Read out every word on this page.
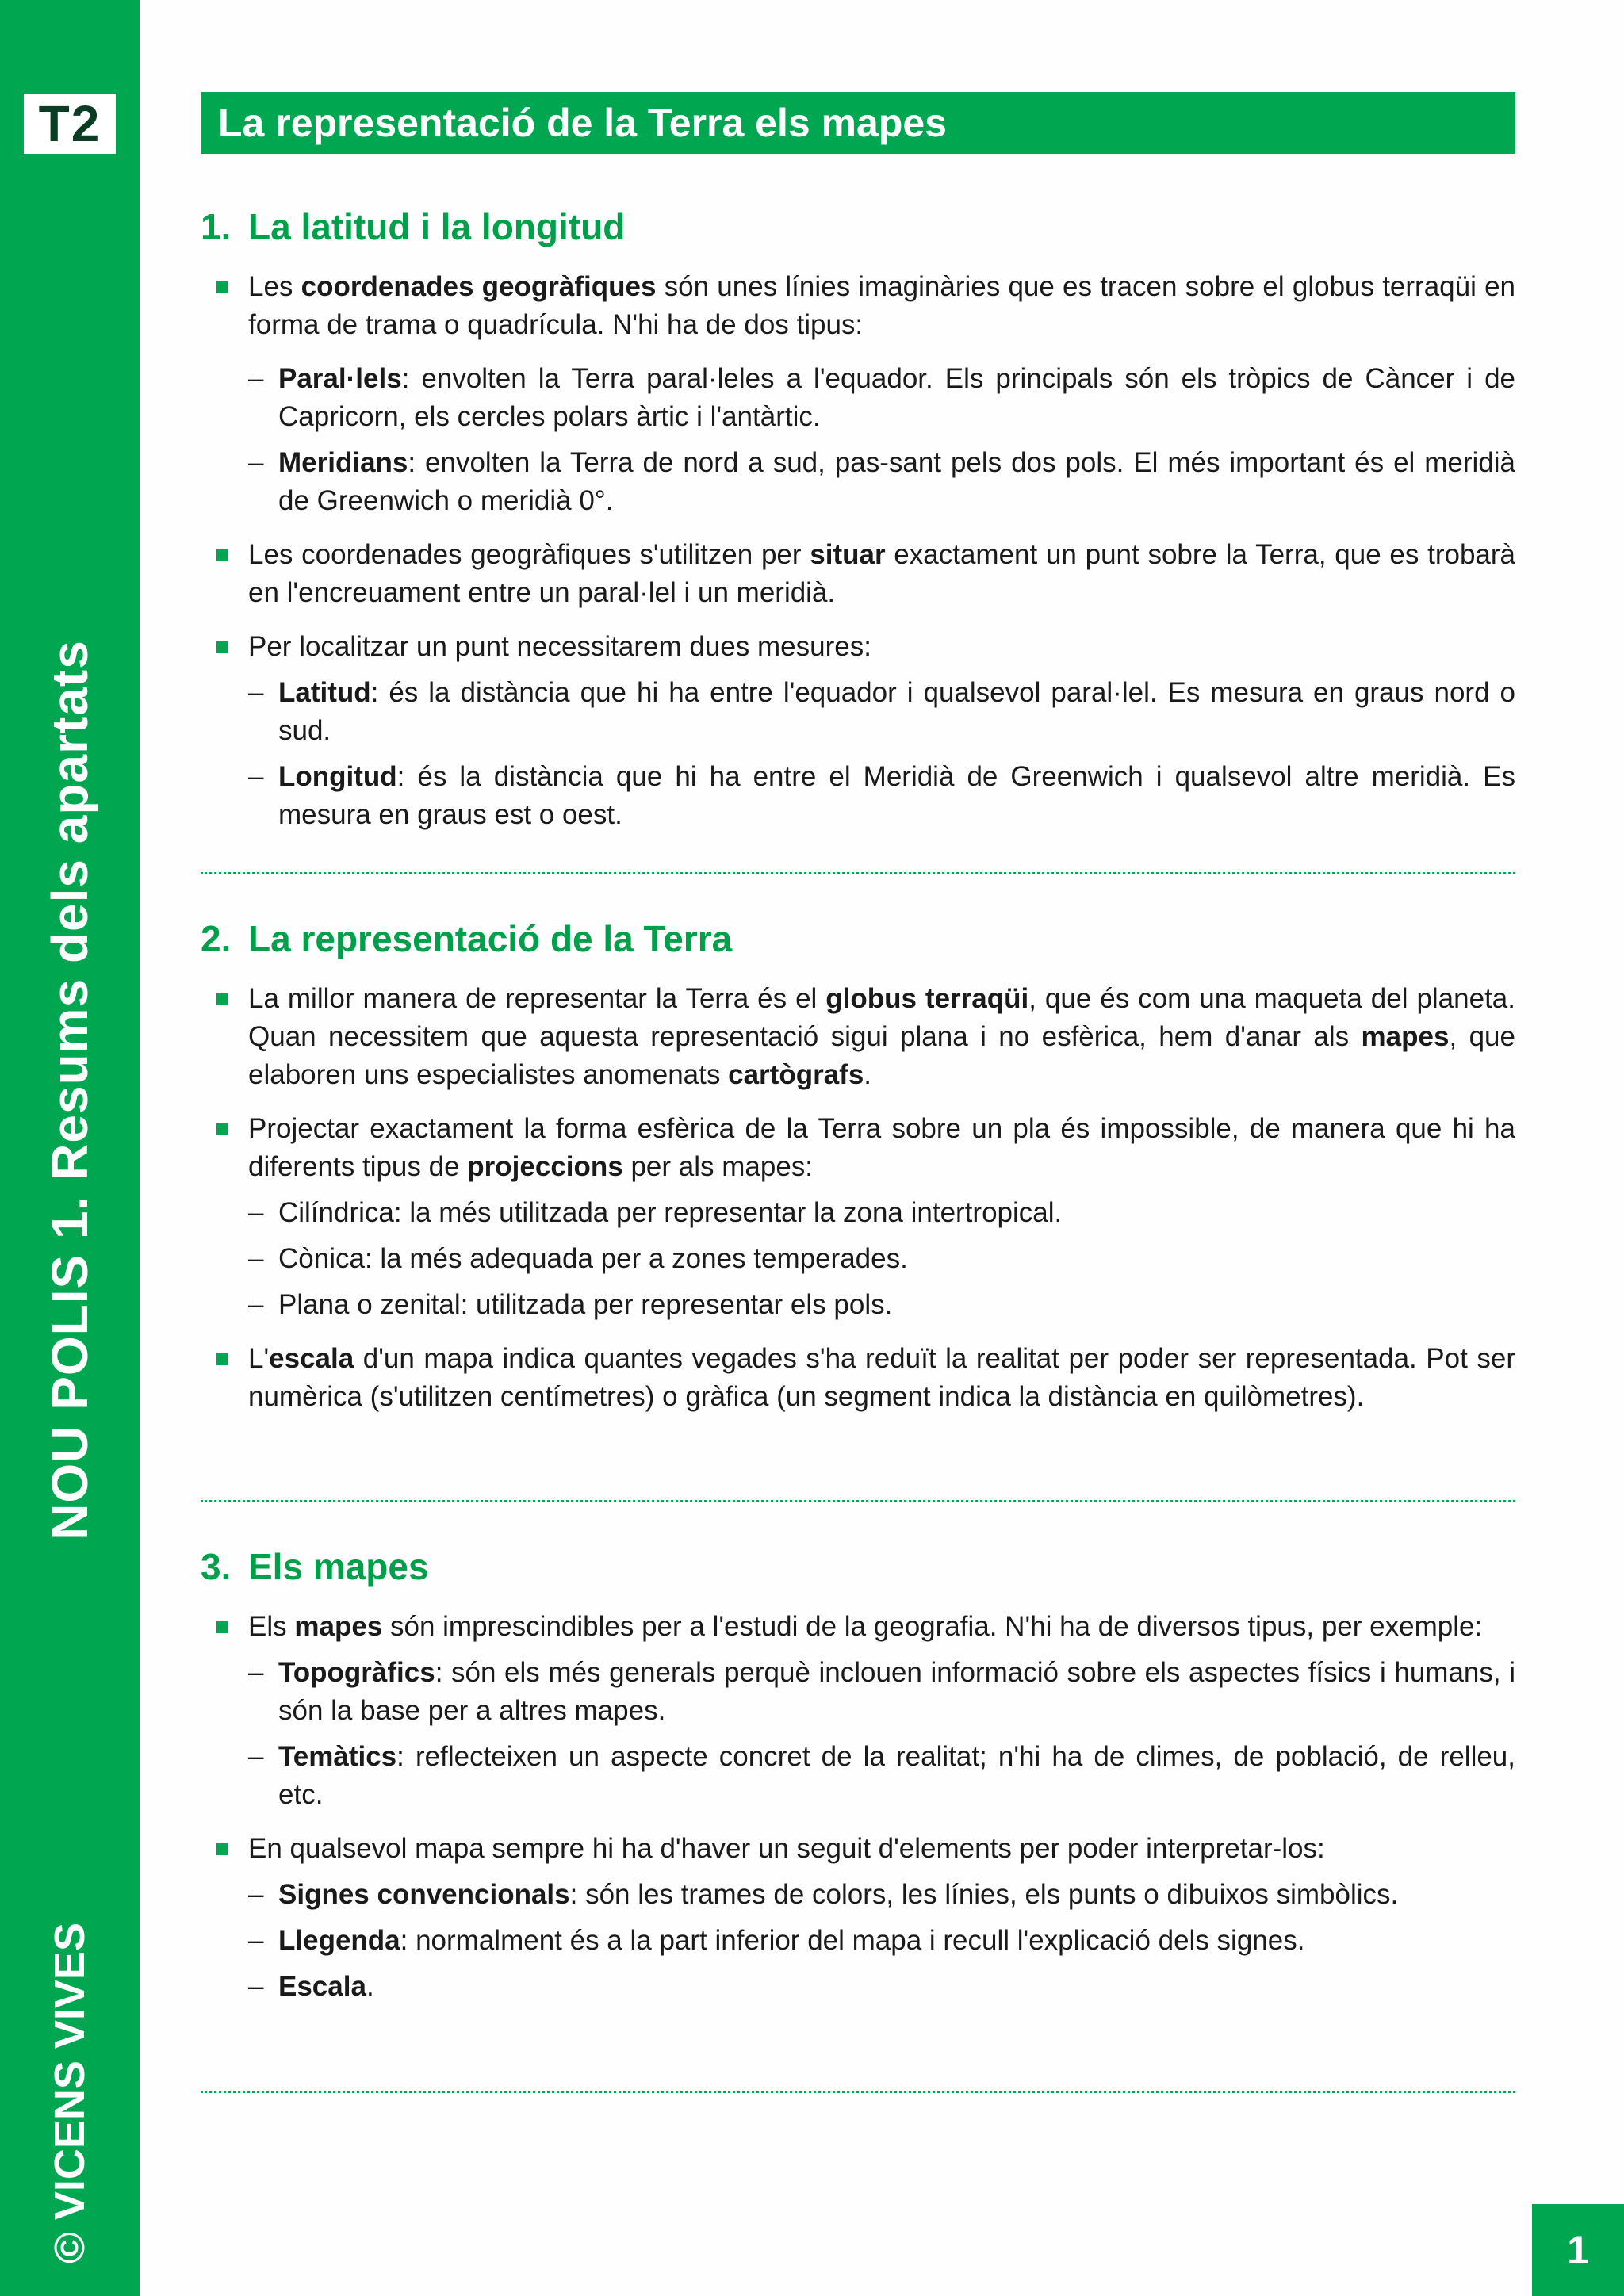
T2
NOU POLIS 1. Resums dels apartats
© VICENS VIVES
La representació de la Terra els mapes
1. La latitud i la longitud

Les coordenades geogràfiques són unes línies imaginàries que es tracen sobre el globus terraqüi en forma de trama o quadrícula. N'hi ha de dos tipus:

– Paral·lels: envolten la Terra paral·leles a l'equador. Els principals són els tròpics de Càncer i de Capricorn, els cercles polars àrtic i l'antàrtic.

– Meridians: envolten la Terra de nord a sud, pas-sant pels dos pols. El més important és el meridià de Greenwich o meridià 0°.

Les coordenades geogràfiques s'utilitzen per situar exactament un punt sobre la Terra, que es trobarà en l'encreuament entre un paral·lel i un meridià.

Per localitzar un punt necessitarem dues mesures:

– Latitud: és la distància que hi ha entre l'equador i qualsevol paral·lel. Es mesura en graus nord o sud.

– Longitud: és la distància que hi ha entre el Meridià de Greenwich i qualsevol altre meridià. Es mesura en graus est o oest.

2. La representació de la Terra

La millor manera de representar la Terra és el globus terraqüi, que és com una maqueta del planeta. Quan necessitem que aquesta representació sigui plana i no esfèrica, hem d'anar als mapes, que elaboren uns especialistes anomenats cartògrafs.

Projectar exactament la forma esfèrica de la Terra sobre un pla és impossible, de manera que hi ha diferents tipus de projeccions per als mapes:

– Cilíndrica: la més utilitzada per representar la zona intertropical.

– Cònica: la més adequada per a zones temperades.

– Plana o zenital: utilitzada per representar els pols.

L'escala d'un mapa indica quantes vegades s'ha reduït la realitat per poder ser representada. Pot ser numèrica (s'utilitzen centímetres) o gràfica (un segment indica la distància en quilòmetres).

3. Els mapes

Els mapes són imprescindibles per a l'estudi de la geografia. N'hi ha de diversos tipus, per exemple:

– Topogràfics: són els més generals perquè inclouen informació sobre els aspectes físics i humans, i són la base per a altres mapes.

– Temàtics: reflecteixen un aspecte concret de la realitat; n'hi ha de climes, de població, de relleu, etc.

En qualsevol mapa sempre hi ha d'haver un seguit d'elements per poder interpretar-los:

– Signes convencionals: són les trames de colors, les línies, els punts o dibuixos simbòlics.

– Llegenda: normalment és a la part inferior del mapa i recull l'explicació dels signes.

– Escala.

1
